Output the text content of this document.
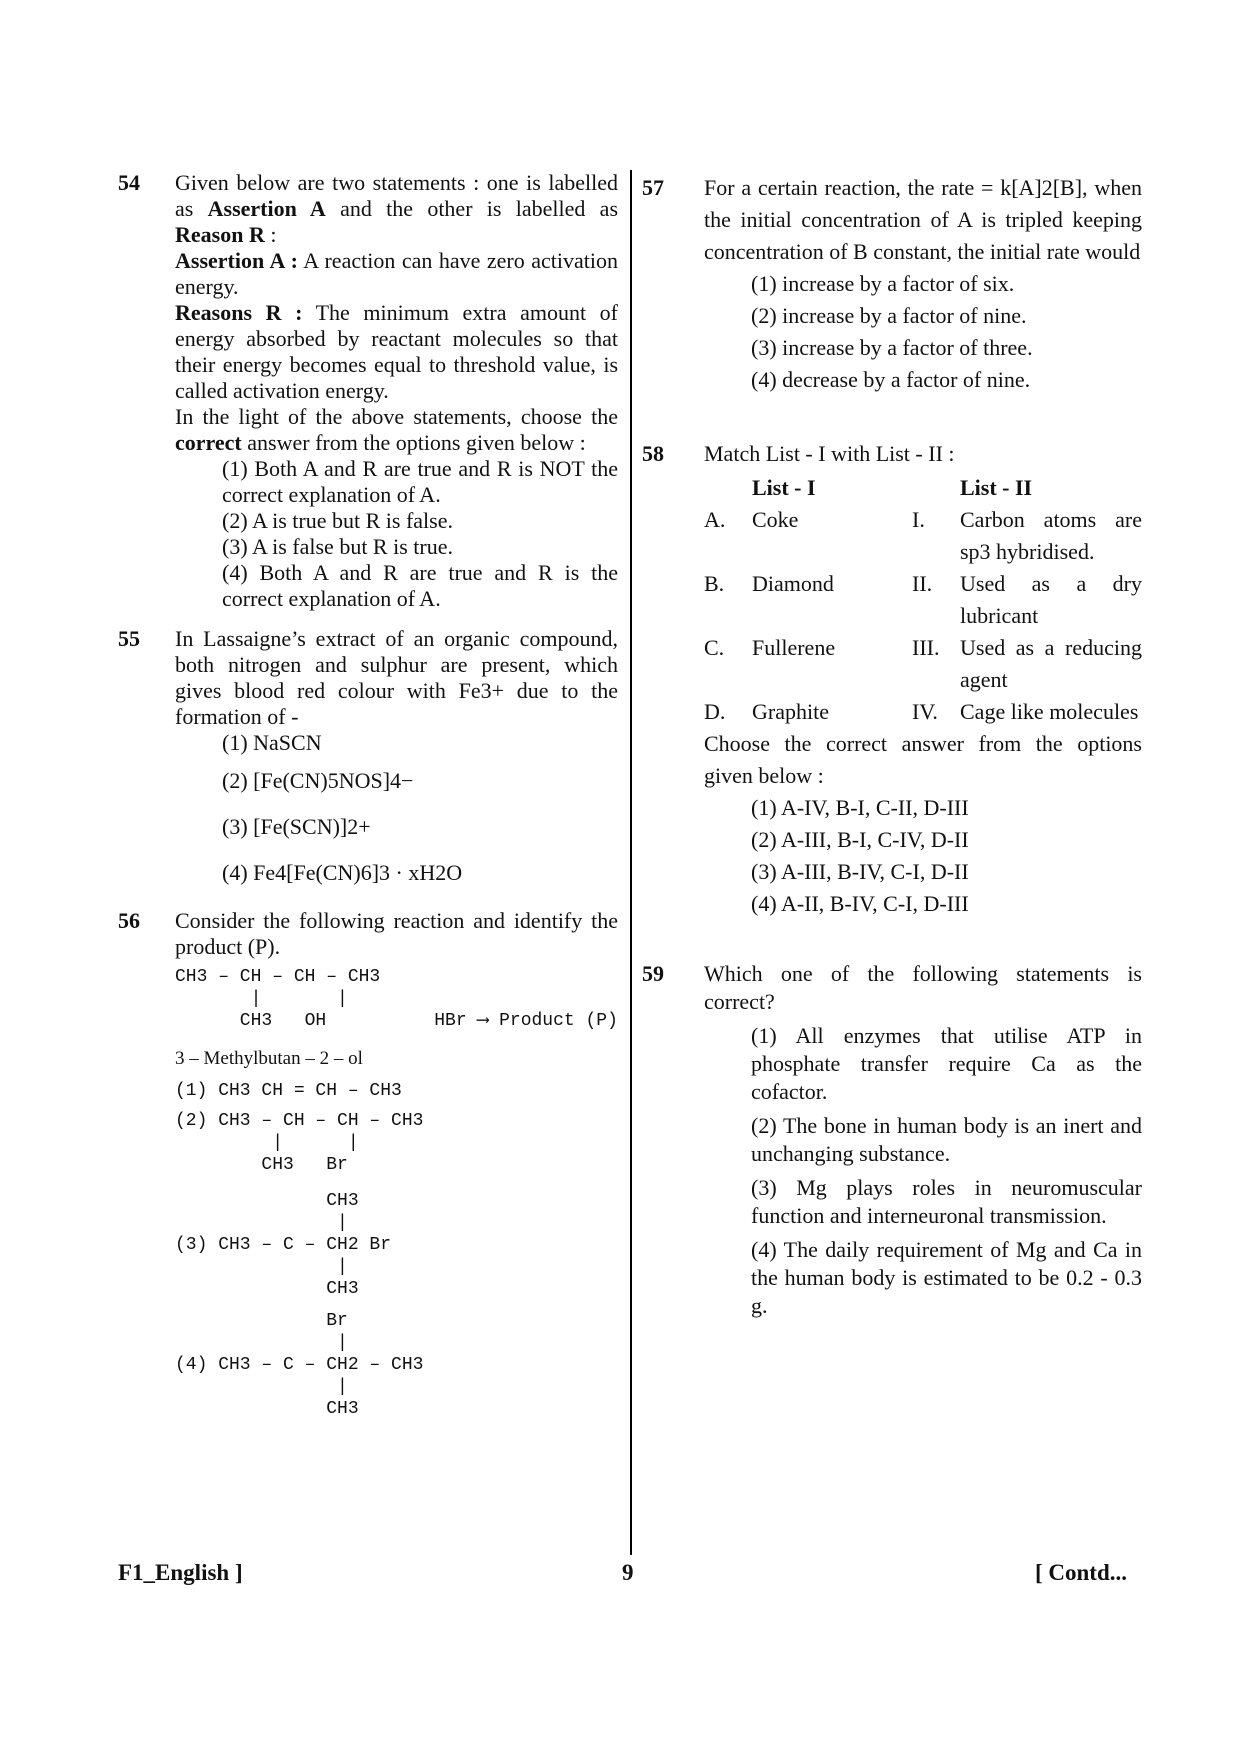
54 Given below are two statements : one is labelled as Assertion A and the other is labelled as Reason R :
Assertion A : A reaction can have zero activation energy.
Reasons R : The minimum extra amount of energy absorbed by reactant molecules so that their energy becomes equal to threshold value, is called activation energy.
In the light of the above statements, choose the correct answer from the options given below :
(1) Both A and R are true and R is NOT the correct explanation of A.
(2) A is true but R is false.
(3) A is false but R is true.
(4) Both A and R are true and R is the correct explanation of A.
55 In Lassaigne’s extract of an organic compound, both nitrogen and sulphur are present, which gives blood red colour with Fe3+ due to the formation of -
(1) NaSCN
(2) [Fe(CN)5NOS]4−
(3) [Fe(SCN)]2+
(4) Fe4[Fe(CN)6]3 · xH2O
56 Consider the following reaction and identify the product (P).
CH3 – CH – CH – CH3
|       |
CH3   OH          HBr ⟶ Product (P)
3 – Methylbutan – 2 – ol
(1) CH3 CH = CH – CH3
(2) CH3 – CH – CH – CH3
|      |
CH3   Br
CH3
|
(3) CH3 – C – CH2 Br
|
CH3
Br
|
(4) CH3 – C – CH2 – CH3
|
CH3
57 For a certain reaction, the rate = k[A]2[B], when the initial concentration of A is tripled keeping concentration of B constant, the initial rate would
(1) increase by a factor of six.
(2) increase by a factor of nine.
(3) increase by a factor of three.
(4) decrease by a factor of nine.
58 Match List - I with List - II :
List - I	List - II
A.	Coke	I.	Carbon atoms are sp3 hybridised.
B.	Diamond	II.	Used as a dry lubricant
C.	Fullerene	III. Used as a reducing agent
D.	Graphite	IV.	Cage like molecules
Choose the correct answer from the options given below :
(1) A-IV, B-I, C-II, D-III
(2) A-III, B-I, C-IV, D-II
(3) A-III, B-IV, C-I, D-II
(4) A-II, B-IV, C-I, D-III
59 Which one of the following statements is correct?
(1) All enzymes that utilise ATP in phosphate transfer require Ca as the cofactor.
(2) The bone in human body is an inert and unchanging substance.
(3) Mg plays roles in neuromuscular function and interneuronal transmission.
(4) The daily requirement of Mg and Ca in the human body is estimated to be 0.2 - 0.3 g.
F1_English ]	9	[ Contd...
